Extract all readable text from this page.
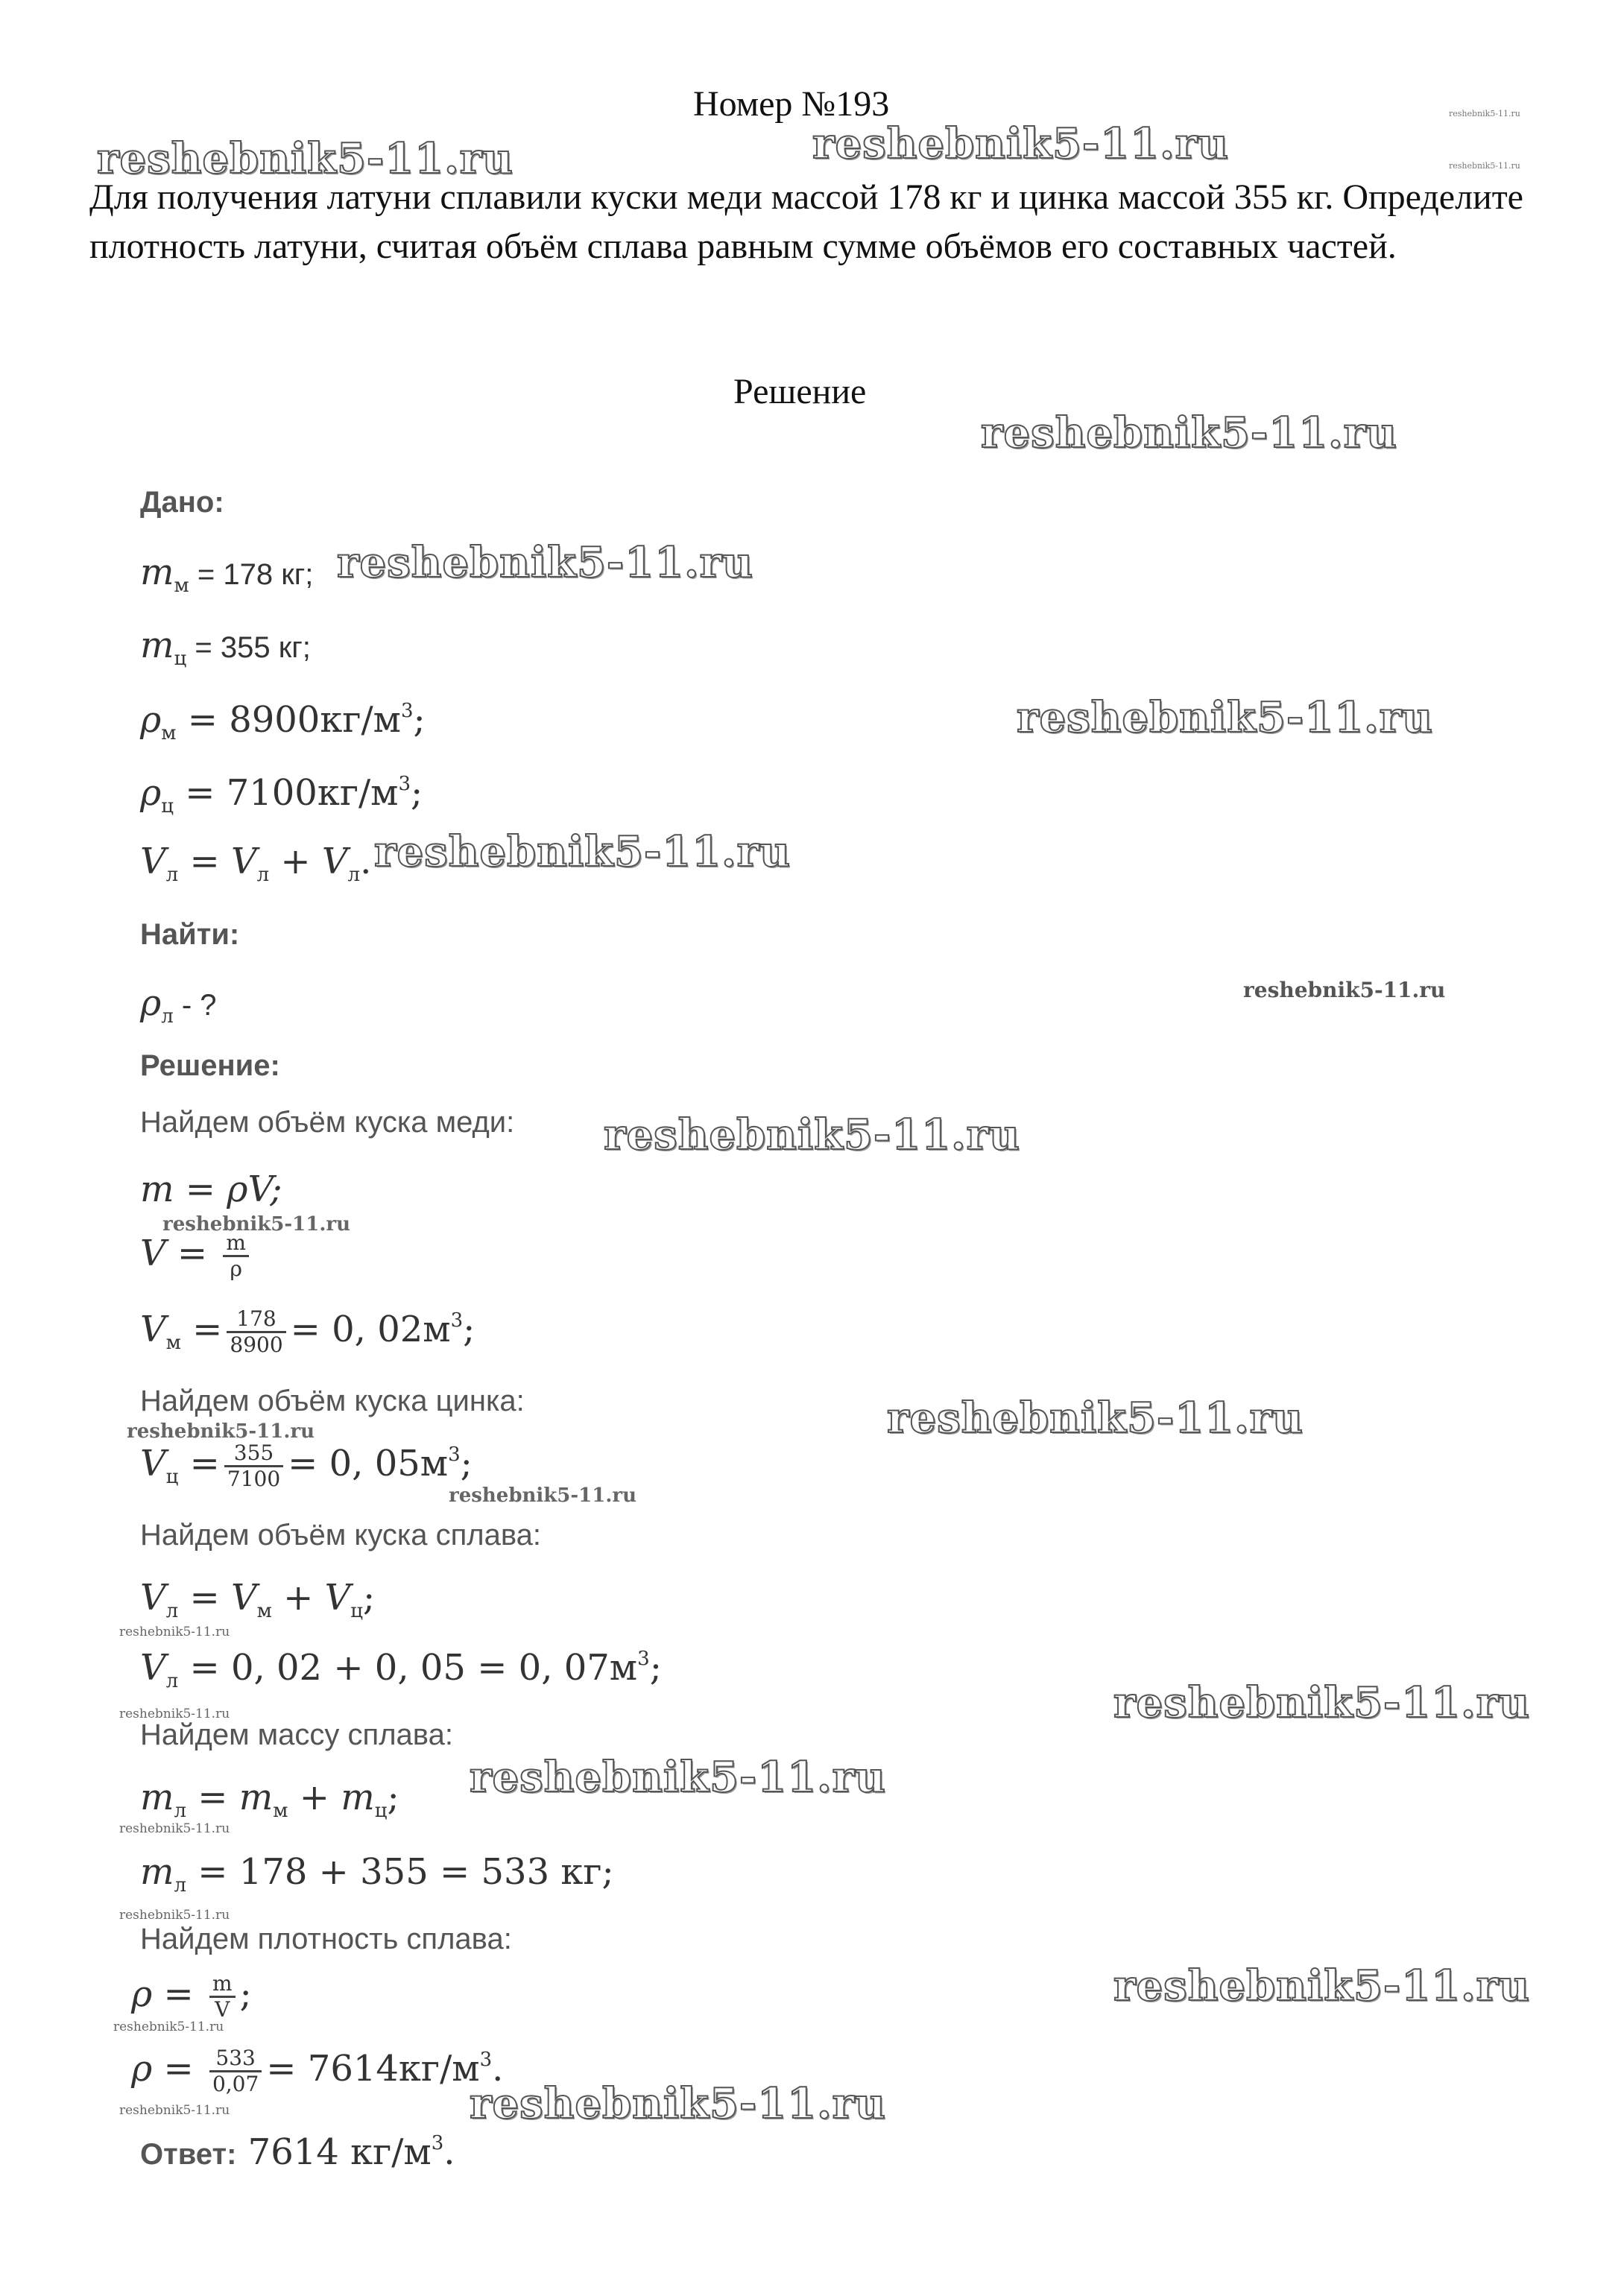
Номер №193
Для получения латуни сплавили куски меди массой 178 кг и цинка массой 355 кг. Определите плотность латуни, считая объём сплава равным сумме объёмов его составных частей.
Решение
Дано:
$m_м = 178$ кг;
$m_ц = 355$ кг;
$\rho_м = 8900кг/м^3$;
$\rho_ц = 7100кг/м^3$;
$V_л = V_л + V_л$.
Найти:
$\rho_л$ - ?
Решение:
Найдем объём куска меди:
m = ρV;
$V = \frac{m}{\rho}$
$V_м = \frac{178}{8900} = 0$, $02м^3$;
Найдем объём куска цинка:
$V_ц = \frac{355}{7100} = 0$, $05м^3$;
Найдем объём куска сплава:
$V_л = V_м + V_ц$;
$V_л = 0$, 02 + 0, 05 = 0, $07м^3$;
Найдем массу сплава:
$m_л = m_м + m_ц$;
$m_л = 178 + 355 = 533$ кг;
Найдем плотность сплава:
$\rho = \frac{m}{V}$ ;
$\rho = \frac{533}{0,07} = 7614кг/м^3$.
Ответ: 7614 $кг/м^3$.
reshebnik5-11.ru	reshebnik5-11.ru
reshebnik5-11.ru
reshebnik5-11.ru
reshebnik5-11.ru
reshebnik5-11.ru
reshebnik5-11.ru
reshebnik5-11.ru
reshebnik5-11.ru
reshebnik5-11.ru
reshebnik5-11.ru
reshebnik5-11.ru
reshebnik5-11.ru
reshebnik5-11.ru
reshebnik5-11.ru
reshebnik5-11.ru
reshebnik5-11.ru
reshebnik5-11.ru
reshebnik5-11.ru
reshebnik5-11.ru
reshebnik5-11.ru
reshebnik5-11.ru
reshebnik5-11.ru
reshebnik5-11.ru
